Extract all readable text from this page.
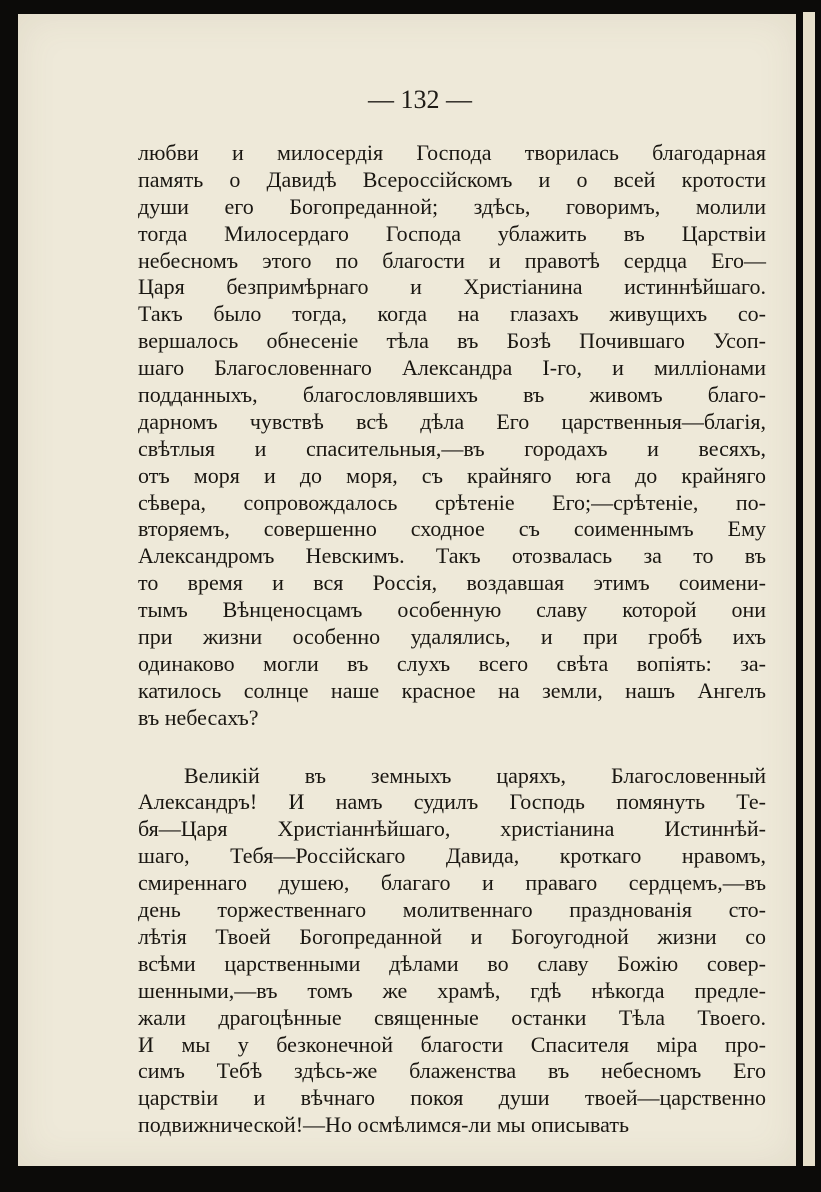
— 132 —
любви и милосердія Господа творилась благодарная
память о Давидѣ Всероссійскомъ и о всей кротости
души его Богопреданной; здѣсь, говоримъ, молили
тогда Милосердаго Господа ублажить въ Царствіи
небесномъ этого по благости и правотѣ сердца Его—
Царя безпримѣрнаго и Христіанина истиннѣйшаго.
Такъ было тогда, когда на глазахъ живущихъ со-
вершалось обнесеніе тѣла въ Бозѣ Почившаго Усоп-
шаго Благословеннаго Александра І-го, и милліонами
подданныхъ, благословлявшихъ въ живомъ благо-
дарномъ чувствѣ всѣ дѣла Его царственныя—благія,
свѣтлыя и спасительныя,—въ городахъ и весяхъ,
отъ моря и до моря, съ крайняго юга до крайняго
сѣвера, сопровождалось срѣтеніе Его;—срѣтеніе, по-
вторяемъ, совершенно сходное съ соименнымъ Ему
Александромъ Невскимъ. Такъ отозвалась за то въ
то время и вся Россія, воздавшая этимъ соимени-
тымъ Вѣнценосцамъ особенную славу которой они
при жизни особенно удалялись, и при гробѣ ихъ
одинаково могли въ слухъ всего свѣта вопіять: за-
катилось солнце наше красное на земли, нашъ Ангелъ
въ небесахъ?
Великій въ земныхъ царяхъ, Благословенный
Александръ! И намъ судилъ Господь помянуть Те-
бя—Царя Христіаннѣйшаго, христіанина Истиннѣй-
шаго, Тебя—Россійскаго Давида, кроткаго нравомъ,
смиреннаго душею, благаго и праваго сердцемъ,—въ
день торжественнаго молитвеннаго празднованія сто-
лѣтія Твоей Богопреданной и Богоугодной жизни со
всѣми царственными дѣлами во славу Божію совер-
шенными,—въ томъ же храмѣ, гдѣ нѣкогда предле-
жали драгоцѣнные священные останки Тѣла Твоего.
И мы у безконечной благости Спасителя міра про-
симъ Тебѣ здѣсь-же блаженства въ небесномъ Его
царствіи и вѣчнаго покоя души твоей—царственно
подвижнической!—Но осмѣлимся-ли мы описывать
